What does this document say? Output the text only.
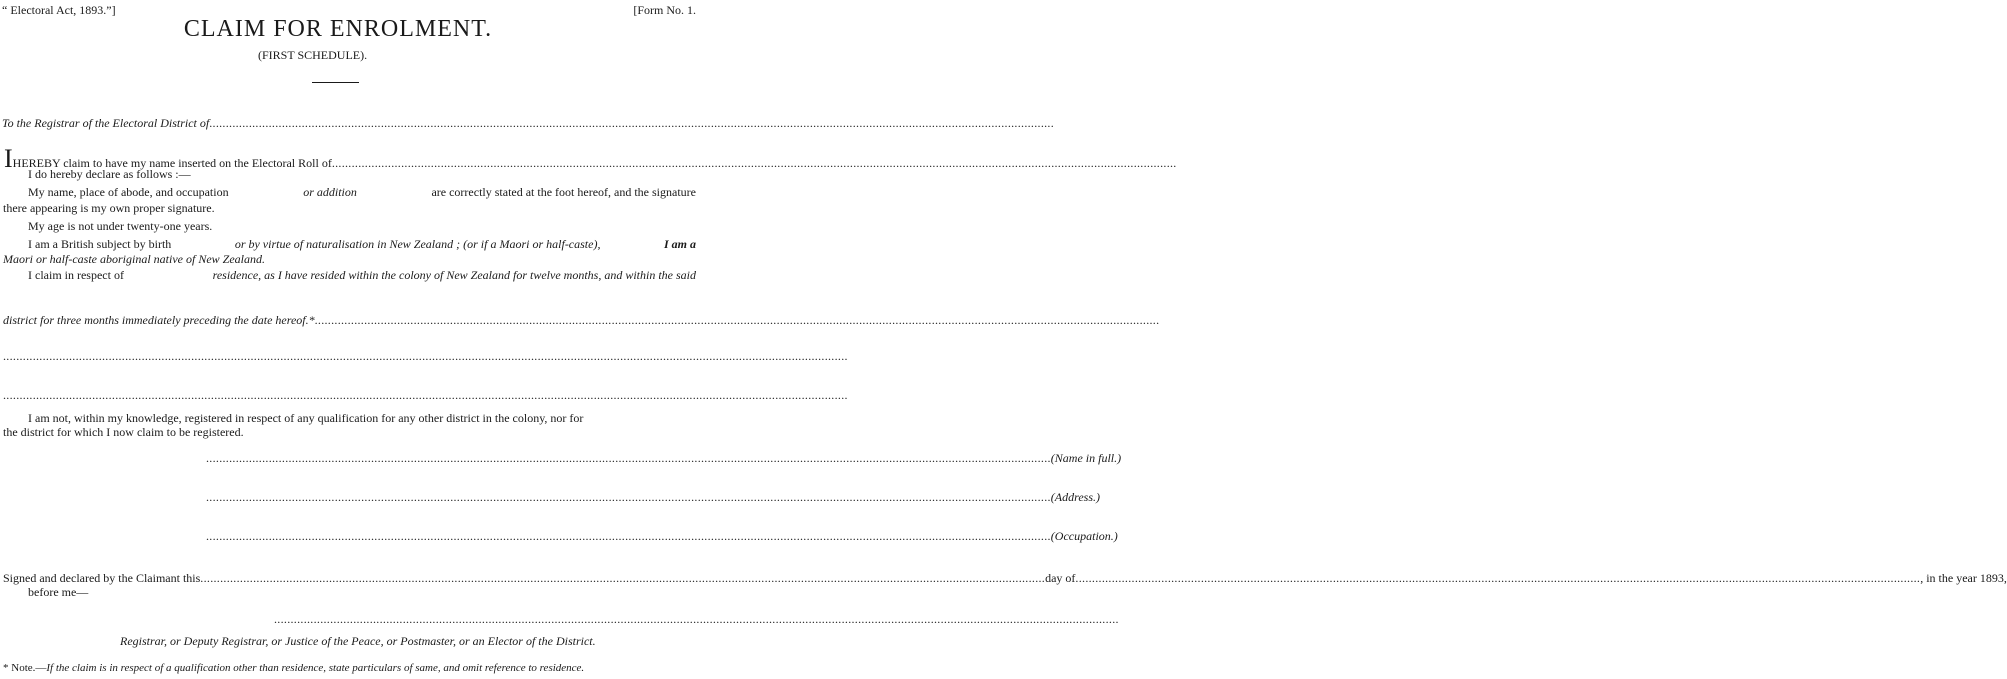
“ Electoral Act, 1893.”]	[Form No. 1.
CLAIM FOR ENROLMENT.
(FIRST SCHEDULE).
To the Registrar of the Electoral District of ................................................................................................................................................................................................................................................................
I HEREBY claim to have my name inserted on the Electoral Roll of ................................................................................................................................................................................................................................................................
I do hereby declare as follows :—
My name, place of abode, and occupation	or addition	are correctly stated at the foot hereof, and the signature
there appearing is my own proper signature.
My age is not under twenty-one years.
I am a British subject by birth	or by virtue of naturalisation in New Zealand ; (or if a Maori or half-caste),	I am a
Maori or half-caste aboriginal native of New Zealand.
I claim in respect of	residence, as I have resided within the colony of New Zealand for twelve months, and within the said
district for three months immediately preceding the date hereof.* ................................................................................................................................................................................................................................................................
................................................................................................................................................................................................................................................................
................................................................................................................................................................................................................................................................
I am not, within my knowledge, registered in respect of any qualification for any other district in the colony, nor for
the district for which I now claim to be registered.
................................................................................................................................................................................................................................................................ (Name in full.)
................................................................................................................................................................................................................................................................ (Address.)
................................................................................................................................................................................................................................................................ (Occupation.)
Signed and declared by the Claimant this ................................................................................................................................................................................................................................................................ day of ................................................................................................................................................................................................................................................................ , in the year 1893,
before me—
................................................................................................................................................................................................................................................................
Registrar, or Deputy Registrar, or Justice of the Peace, or Postmaster, or an Elector of the District.
* Note.—If the claim is in respect of a qualification other than residence, state particulars of same, and omit reference to residence.
